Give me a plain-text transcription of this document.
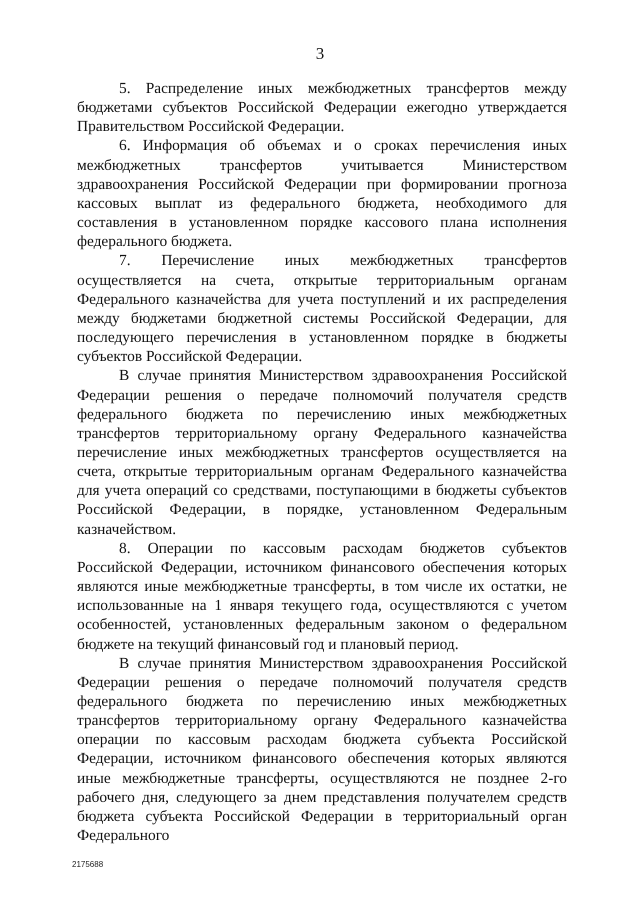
3

5. Распределение иных межбюджетных трансфертов между бюджетами субъектов Российской Федерации ежегодно утверждается Правительством Российской Федерации.

6. Информация об объемах и о сроках перечисления иных межбюджетных трансфертов учитывается Министерством здравоохранения Российской Федерации при формировании прогноза кассовых выплат из федерального бюджета, необходимого для составления в установленном порядке кассового плана исполнения федерального бюджета.

7. Перечисление иных межбюджетных трансфертов осуществляется на счета, открытые территориальным органам Федерального казначейства для учета поступлений и их распределения между бюджетами бюджетной системы Российской Федерации, для последующего перечисления в установленном порядке в бюджеты субъектов Российской Федерации.

В случае принятия Министерством здравоохранения Российской Федерации решения о передаче полномочий получателя средств федерального бюджета по перечислению иных межбюджетных трансфертов территориальному органу Федерального казначейства перечисление иных межбюджетных трансфертов осуществляется на счета, открытые территориальным органам Федерального казначейства для учета операций со средствами, поступающими в бюджеты субъектов Российской Федерации, в порядке, установленном Федеральным казначейством.

8. Операции по кассовым расходам бюджетов субъектов Российской Федерации, источником финансового обеспечения которых являются иные межбюджетные трансферты, в том числе их остатки, не использованные на 1 января текущего года, осуществляются с учетом особенностей, установленных федеральным законом о федеральном бюджете на текущий финансовый год и плановый период.

В случае принятия Министерством здравоохранения Российской Федерации решения о передаче полномочий получателя средств федерального бюджета по перечислению иных межбюджетных трансфертов территориальному органу Федерального казначейства операции по кассовым расходам бюджета субъекта Российской Федерации, источником финансового обеспечения которых являются иные межбюджетные трансферты, осуществляются не позднее 2-го рабочего дня, следующего за днем представления получателем средств бюджета субъекта Российской Федерации в территориальный орган Федерального

2175688
